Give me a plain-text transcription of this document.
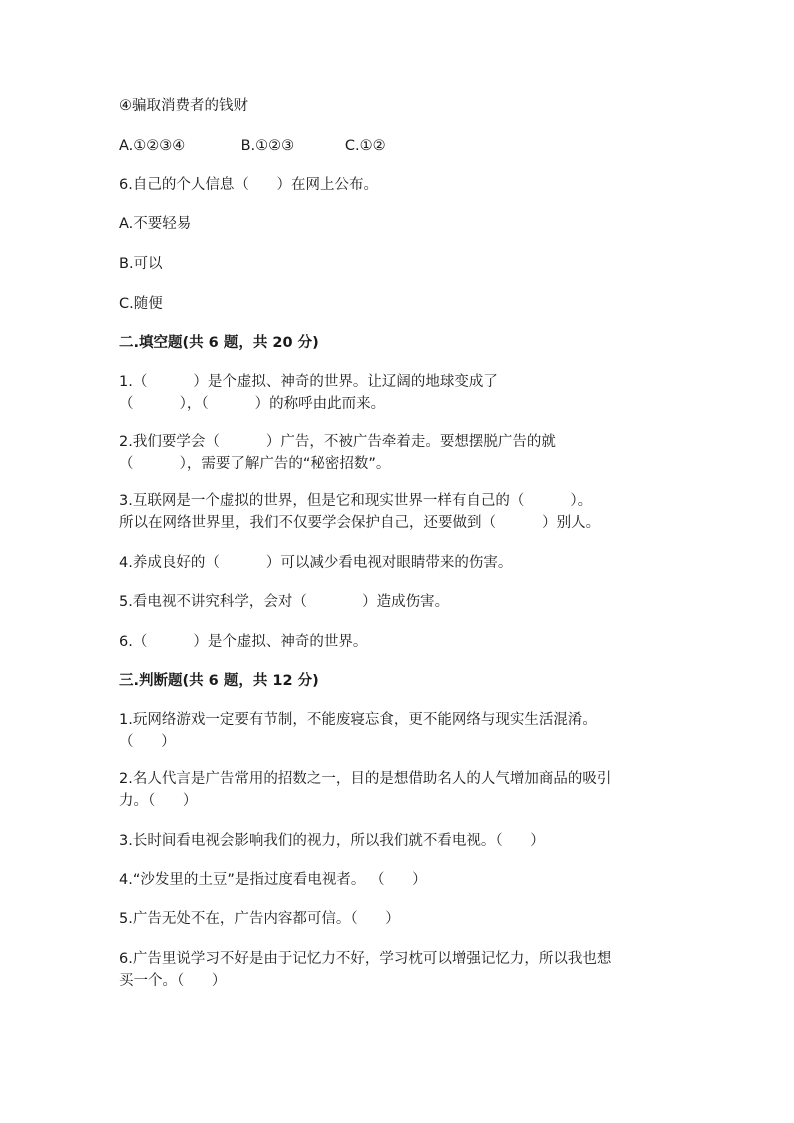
④骗取消费者的钱财
A.①②③④            B.①②③           C.①②
6.自己的个人信息（      ）在网上公布。
A.不要轻易
B.可以
C.随便
二.填空题(共 6 题，共 20 分)
1.（          ）是个虚拟、神奇的世界。让辽阔的地球变成了
（          ），（          ）的称呼由此而来。
2.我们要学会（          ）广告，不被广告牵着走。要想摆脱广告的就
（          ），需要了解广告的“秘密招数”。
3.互联网是一个虚拟的世界，但是它和现实世界一样有自己的（          ）。
所以在网络世界里，我们不仅要学会保护自己，还要做到（          ）别人。
4.养成良好的（          ）可以减少看电视对眼睛带来的伤害。
5.看电视不讲究科学，会对（            ）造成伤害。
6.（          ）是个虚拟、神奇的世界。
三.判断题(共 6 题，共 12 分)
1.玩网络游戏一定要有节制，不能废寝忘食，更不能网络与现实生活混淆。
（      ）
2.名人代言是广告常用的招数之一，目的是想借助名人的人气增加商品的吸引
力。（      ）
3.长时间看电视会影响我们的视力，所以我们就不看电视。（      ）
4.“沙发里的土豆”是指过度看电视者。 （      ）
5.广告无处不在，广告内容都可信。（      ）
6.广告里说学习不好是由于记忆力不好，学习枕可以增强记忆力，所以我也想
买一个。（      ）
